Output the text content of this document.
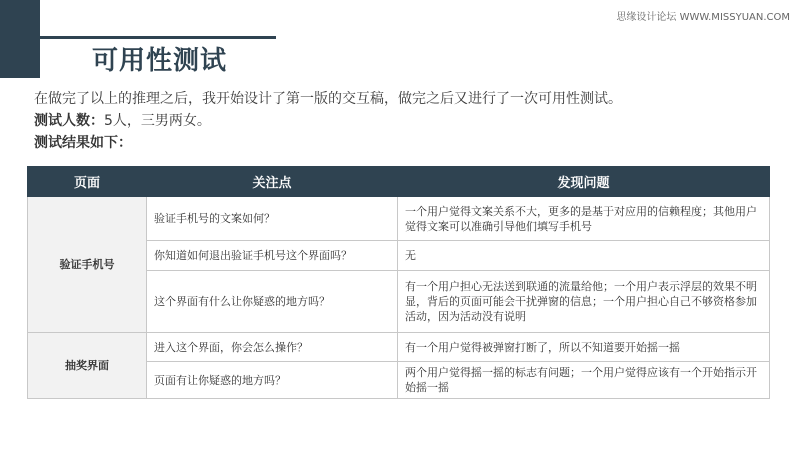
可用性测试
思缘设计论坛 WWW.MISSYUAN.COM
在做完了以上的推理之后，我开始设计了第一版的交互稿，做完之后又进行了一次可用性测试。
测试人数：5人，三男两女。
测试结果如下：
页面	关注点	发现问题
验证手机号	验证手机号的文案如何？	一个用户觉得文案关系不大，更多的是基于对应用的信赖程度；其他用户觉得文案可以准确引导他们填写手机号
	你知道如何退出验证手机号这个界面吗？	无
	这个界面有什么让你疑惑的地方吗？	有一个用户担心无法送到联通的流量给他；一个用户表示浮层的效果不明显，背后的页面可能会干扰弹窗的信息；一个用户担心自己不够资格参加活动，因为活动没有说明
抽奖界面	进入这个界面，你会怎么操作？	有一个用户觉得被弹窗打断了，所以不知道要开始摇一摇
	页面有让你疑惑的地方吗？	两个用户觉得摇一摇的标志有问题；一个用户觉得应该有一个开始指示开始摇一摇
